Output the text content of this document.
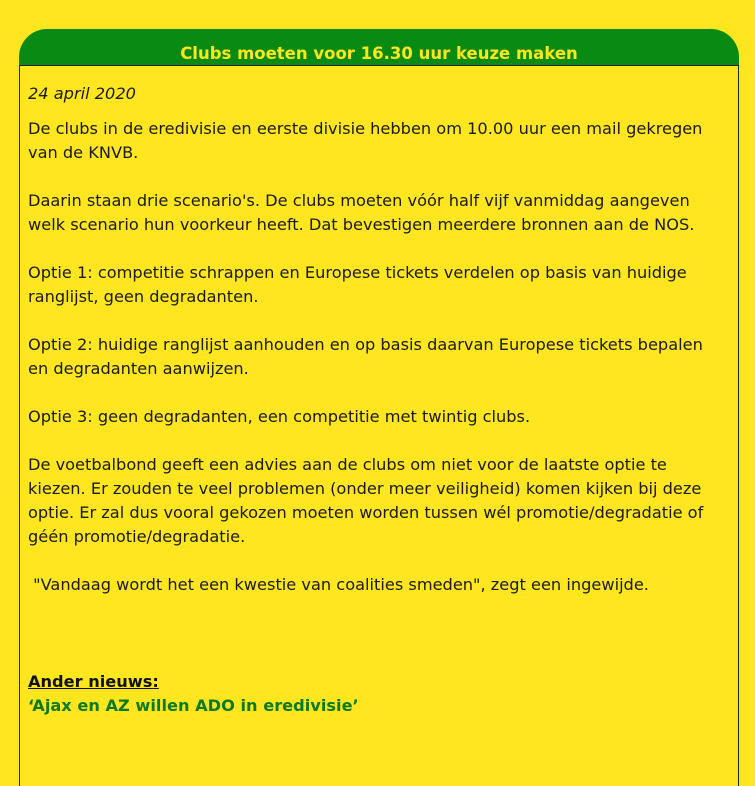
Clubs moeten voor 16.30 uur keuze maken

24 april 2020

De clubs in de eredivisie en eerste divisie hebben om 10.00 uur een mail gekregen van de KNVB.

Daarin staan drie scenario's. De clubs moeten vóór half vijf vanmiddag aangeven welk scenario hun voorkeur heeft. Dat bevestigen meerdere bronnen aan de NOS.

Optie 1: competitie schrappen en Europese tickets verdelen op basis van huidige ranglijst, geen degradanten.

Optie 2: huidige ranglijst aanhouden en op basis daarvan Europese tickets bepalen en degradanten aanwijzen.

Optie 3: geen degradanten, een competitie met twintig clubs.

De voetbalbond geeft een advies aan de clubs om niet voor de laatste optie te kiezen. Er zouden te veel problemen (onder meer veiligheid) komen kijken bij deze optie. Er zal dus vooral gekozen moeten worden tussen wél promotie/degradatie of géén promotie/degradatie.

"Vandaag wordt het een kwestie van coalities smeden", zegt een ingewijde.

Ander nieuws:

‘Ajax en AZ willen ADO in eredivisie’
